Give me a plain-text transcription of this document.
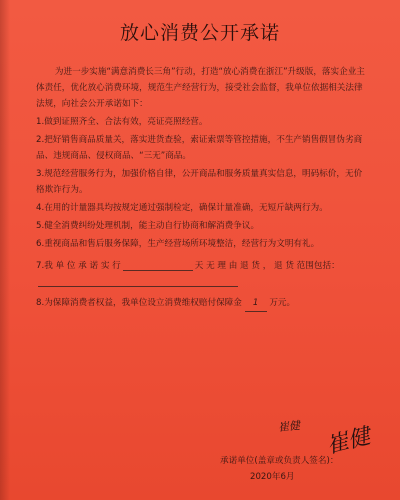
放心消费公开承诺

为进一步实施“满意消费长三角”行动，打造“放心消费在浙江”升级版，落实企业主体责任，优化放心消费环境，规范生产经营行为，接受社会监督，我单位依据相关法律法规，向社会公开承诺如下：

1.做到证照齐全、合法有效，亮证亮照经营。

2.把好销售商品质量关，落实进货查验，索证索票等管控措施，不生产销售假冒伪劣商品、违规商品、侵权商品、“三无”商品。

3.规范经营服务行为，加强价格自律，公开商品和服务质量真实信息，明码标价，无价格欺诈行为。

4.在用的计量器具均按规定通过强制检定，确保计量准确，无短斤缺两行为。

5.健全消费纠纷处理机制，能主动自行协商和解消费争议。

6.重视商品和售后服务保障，生产经营场所环境整洁，经营行为文明有礼。

7.我 单 位 承 诺 实 行	天 无 理 由 退 货 ， 退 货 范 围包括：

8.为保障消费者权益，我单位设立消费维权赔付保障金 1 万元。

崔健 崔健
承诺单位(盖章或负责人签名)：
2020年6月
